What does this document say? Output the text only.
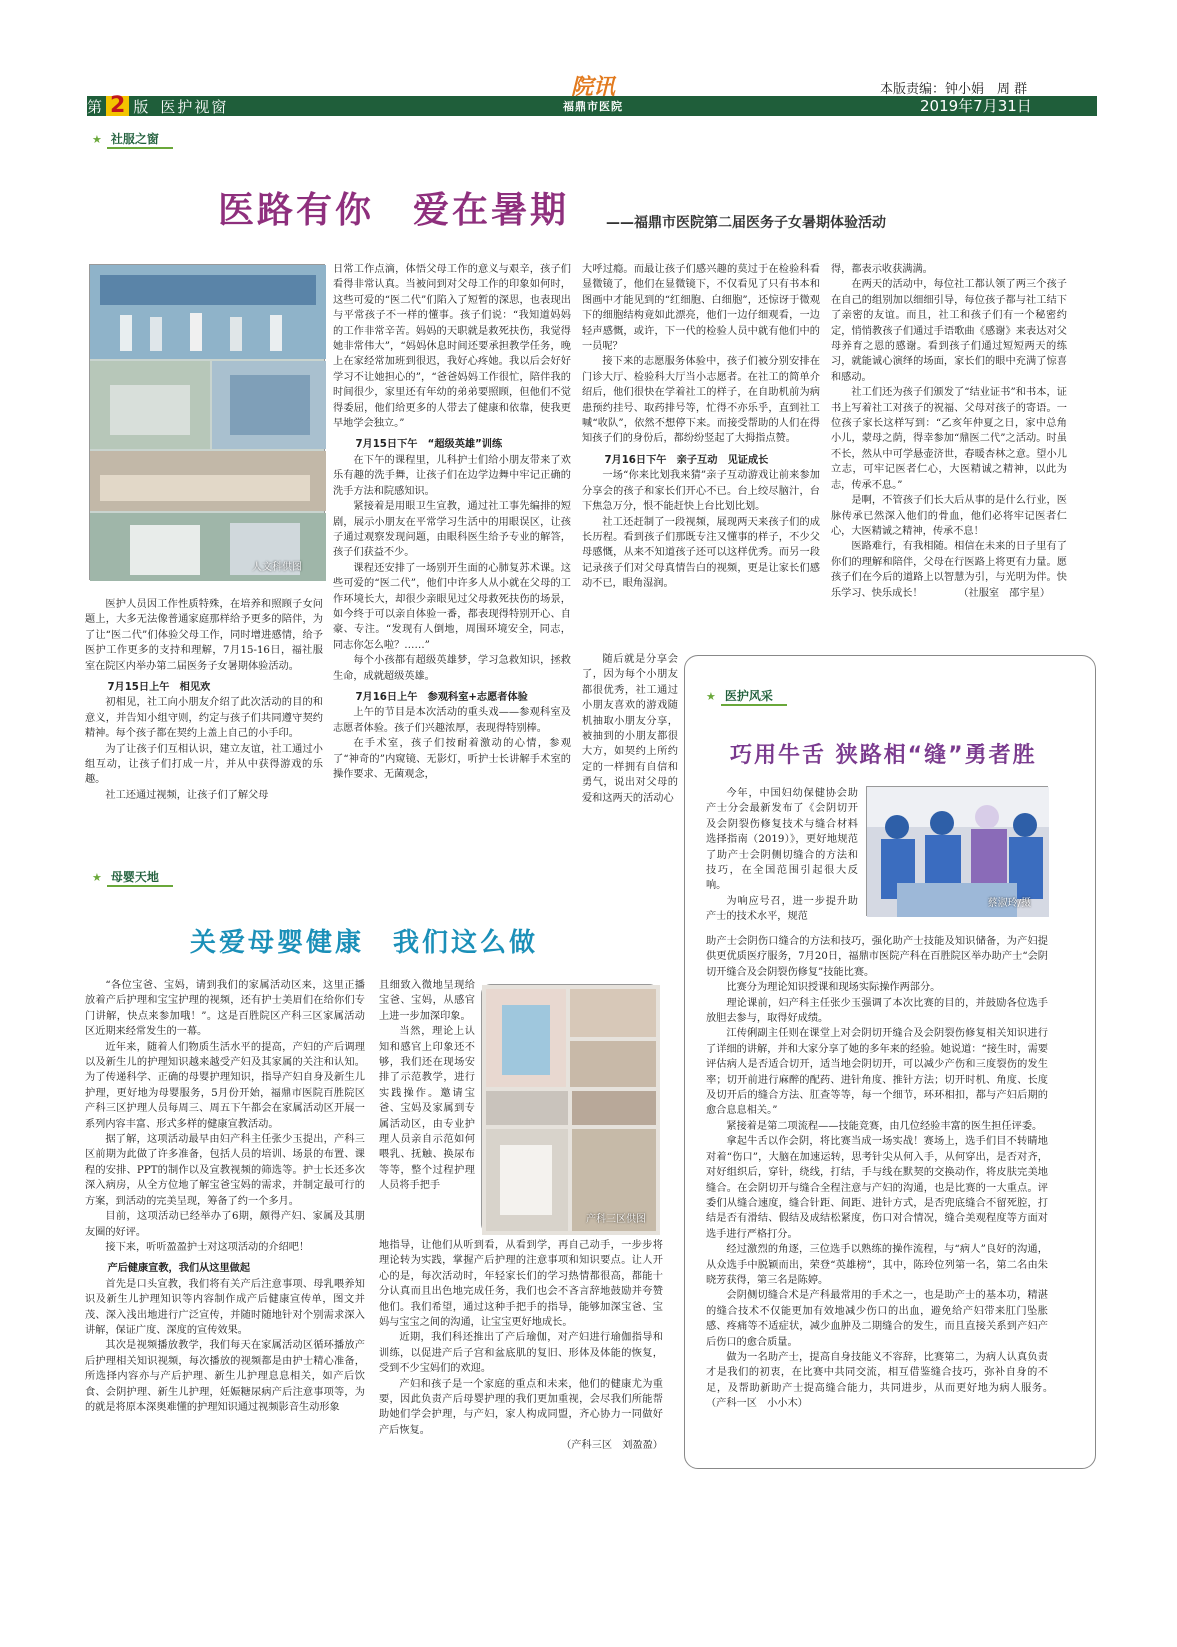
第 2 版 医护视窗
院讯
福鼎市医院
本版责编：钟小娟　周 群
2019年7月31日
★ 社服之窗
医路有你　爱在暑期	——福鼎市医院第二届医务子女暑期体验活动
人文科供图

医护人员因工作性质特殊，在培养和照顾子女问题上，大多无法像普通家庭那样给予更多的陪伴，为了让“医二代”们体验父母工作，同时增进感情，给予医护工作更多的支持和理解，7月15-16日，福社服室在院区内举办第二届医务子女暑期体验活动。

7月15日上午　相见欢

初相见，社工向小朋友介绍了此次活动的目的和意义，并告知小组守则，约定与孩子们共同遵守契约精神。每个孩子都在契约上盖上自己的小手印。

为了让孩子们互相认识，建立友谊，社工通过小组互动，让孩子们打成一片，并从中获得游戏的乐趣。

社工还通过视频，让孩子们了解父母

日常工作点滴，体悟父母工作的意义与艰辛，孩子们看得非常认真。当被问到对父母工作的印象如何时，这些可爱的“医二代”们陷入了短暂的深思，也表现出与平常孩子不一样的懂事。孩子们说：“我知道妈妈的工作非常辛苦。妈妈的天职就是救死扶伤，我觉得她非常伟大”，“妈妈休息时间还要承担教学任务，晚上在家经常加班到很迟，我好心疼她。我以后会好好学习不让她担心的”，“爸爸妈妈工作很忙，陪伴我的时间很少，家里还有年幼的弟弟要照顾，但他们不觉得委屈，他们给更多的人带去了健康和依靠，使我更早地学会独立。”

7月15日下午　“超级英雄”训练

在下午的课程里，儿科护士们给小朋友带来了欢乐有趣的洗手舞，让孩子们在边学边舞中牢记正确的洗手方法和院感知识。

紧接着是用眼卫生宣教，通过社工事先编排的短剧，展示小朋友在平常学习生活中的用眼误区，让孩子通过观察发现问题，由眼科医生给予专业的解答，孩子们获益不少。

课程还安排了一场别开生面的心肺复苏术课。这些可爱的“医二代”，他们中许多人从小就在父母的工作环境长大，却很少亲眼见过父母救死扶伤的场景，如今终于可以亲自体验一番，都表现得特别开心、自豪、专注。“发现有人倒地，周围环境安全，同志，同志你怎么啦？……”

每个小孩都有超级英雄梦，学习急救知识，拯救生命，成就超级英雄。

7月16日上午　参观科室+志愿者体验

上午的节目是本次活动的重头戏——参观科室及志愿者体验。孩子们兴趣浓厚，表现得特别棒。

在手术室，孩子们按耐着激动的心情，参观了“神奇的”内窥镜、无影灯，听护士长讲解手术室的操作要求、无菌观念，

大呼过瘾。而最让孩子们感兴趣的莫过于在检验科看显微镜了，他们在显微镜下，不仅看见了只有书本和图画中才能见到的“红细胞、白细胞”，还惊讶于微观下的细胞结构竟如此漂亮，他们一边仔细观看，一边轻声感慨，或许，下一代的检验人员中就有他们中的一员呢？

接下来的志愿服务体验中，孩子们被分别安排在门诊大厅、检验科大厅当小志愿者。在社工的简单介绍后，他们很快在学着社工的样子，在自助机前为病患预约挂号、取药排号等，忙得不亦乐乎，直到社工喊“收队”，依然不想停下来。而接受帮助的人们在得知孩子们的身份后，都纷纷竖起了大拇指点赞。

7月16日下午　亲子互动　见证成长

一场“你来比划我来猜”亲子互动游戏让前来参加分享会的孩子和家长们开心不已。台上绞尽脑汁，台下焦急万分，恨不能赶快上台比划比划。

社工还赶制了一段视频，展现两天来孩子们的成长历程。看到孩子们那既专注又懂事的样子，不少父母感慨，从来不知道孩子还可以这样优秀。而另一段记录孩子们对父母真情告白的视频，更是让家长们感动不已，眼角湿润。

随后就是分享会了，因为每个小朋友都很优秀，社工通过小朋友喜欢的游戏随机抽取小朋友分享，被抽到的小朋友都很大方，如契约上所约定的一样拥有自信和勇气，说出对父母的爱和这两天的活动心

得，都表示收获满满。

在两天的活动中，每位社工都认领了两三个孩子在自己的组别加以细细引导，每位孩子都与社工结下了亲密的友谊。而且，社工和孩子们有一个秘密约定，悄悄教孩子们通过手语歌曲《感谢》来表达对父母养育之恩的感谢。看到孩子们通过短短两天的练习，就能诚心演绎的场面，家长们的眼中充满了惊喜和感动。

社工们还为孩子们颁发了“结业证书”和书本，证书上写着社工对孩子的祝福、父母对孩子的寄语。一位孩子家长这样写到：“乙亥年仲夏之日，家中总角小儿，蒙母之荫，得幸参加“鼎医二代”之活动。时虽不长，然从中可学悬壶济世，春暖杏林之意。望小儿立志，可牢记医者仁心，大医精诚之精神，以此为志，传承不息。”

是啊，不管孩子们长大后从事的是什么行业，医脉传承已然深入他们的骨血，他们必将牢记医者仁心，大医精诚之精神，传承不息！

医路难行，有我相随。相信在未来的日子里有了你们的理解和陪伴，父母在行医路上将更有力量。愿孩子们在今后的道路上以智慧为引，与光明为伴。快乐学习、快乐成长！　　　　（社服室　邵宇星）

★ 医护风采
巧用牛舌 狭路相“缝”勇者胜
蔡淑玲/摄

今年，中国妇幼保健协会助产士分会最新发布了《会阴切开及会阴裂伤修复技术与缝合材料选择指南（2019）》，更好地规范了助产士会阴侧切缝合的方法和技巧，在全国范围引起很大反响。

为响应号召，进一步提升助产士的技术水平，规范

助产士会阴伤口缝合的方法和技巧，强化助产士技能及知识储备，为产妇提供更优质医疗服务，7月20日，福鼎市医院产科在百胜院区举办助产士“会阴切开缝合及会阴裂伤修复”技能比赛。

比赛分为理论知识授课和现场实际操作两部分。

理论课前，妇产科主任张少玉强调了本次比赛的目的，并鼓励各位选手放胆去参与，取得好成绩。

江传俐副主任则在课堂上对会阴切开缝合及会阴裂伤修复相关知识进行了详细的讲解，并和大家分享了她的多年来的经验。她说道：“接生时，需要评估病人是否适合切开，适当地会阴切开，可以减少产伤和三度裂伤的发生率；切开前进行麻醉的配药、进针角度、推针方法；切开时机、角度、长度及切开后的缝合方法、肛查等等，每一个细节，环环相扣，都与产妇后期的愈合息息相关。”

紧接着是第二项流程——技能竞赛，由几位经验丰富的医生担任评委。

拿起牛舌以作会阴，将比赛当成一场实战！赛场上，选手们目不转睛地对着“伤口”，大脑在加速运转，思考针尖从何入手，从何穿出，是否对齐，对好组织后，穿针，绕线，打结，手与线在默契的交换动作，将皮肤完美地缝合。在会阴切开与缝合全程注意与产妇的沟通，也是比赛的一大重点。评委们从缝合速度，缝合针距、间距、进针方式，是否兜底缝合不留死腔，打结是否有滑结、假结及成结松紧度，伤口对合情况，缝合美观程度等方面对选手进行严格打分。

经过激烈的角逐，三位选手以熟练的操作流程，与“病人”良好的沟通，从众选手中脱颖而出，荣登“英雄榜”，其中，陈玲位列第一名，第二名由朱晓芳获得，第三名是陈婷。

会阴侧切缝合术是产科最常用的手术之一，也是助产士的基本功，精湛的缝合技术不仅能更加有效地减少伤口的出血，避免给产妇带来肛门坠胀感、疼痛等不适症状，减少血肿及二期缝合的发生，而且直接关系到产妇产后伤口的愈合质量。

做为一名助产士，提高自身技能义不容辞，比赛第二，为病人认真负责才是我们的初衷，在比赛中共同交流，相互借鉴缝合技巧，弥补自身的不足，及帮助新助产士提高缝合能力，共同进步，从而更好地为病人服务。　　（产科一区　小小木）

★ 母婴天地
关爱母婴健康　我们这么做

“各位宝爸、宝妈，请到我们的家属活动区来，这里正播放着产后护理和宝宝护理的视频，还有护士美眉们在给你们专门讲解，快点来参加哦！”。这是百胜院区产科三区家属活动区近期来经常发生的一幕。

近年来，随着人们物质生活水平的提高，产妇的产后调理以及新生儿的护理知识越来越受产妇及其家属的关注和认知。为了传递科学、正确的母婴护理知识，指导产妇自身及新生儿护理，更好地为母婴服务，5月份开始，福鼎市医院百胜院区产科三区护理人员每周三、周五下午都会在家属活动区开展一系列内容丰富、形式多样的健康宣教活动。

据了解，这项活动最早由妇产科主任张少玉提出，产科三区前期为此做了许多准备，包括人员的培训、场景的布置、课程的安排、PPT的制作以及宣教视频的筛选等。护士长还多次深入病房，从全方位地了解宝爸宝妈的需求，并制定最可行的方案，到活动的完美呈现，筹备了约一个多月。

目前，这项活动已经举办了6期，颇得产妇、家属及其朋友圈的好评。

接下来，听听盈盈护士对这项活动的介绍吧！

产后健康宣教，我们从这里做起

首先是口头宣教，我们将有关产后注意事项、母乳喂养知识及新生儿护理知识等内容制作成产后健康宣传单，图文并茂、深入浅出地进行广泛宣传，并随时随地针对个别需求深入讲解，保证广度、深度的宣传效果。

其次是视频播放教学，我们每天在家属活动区循环播放产后护理相关知识视频，每次播放的视频都是由护士精心准备，所选择内容亦与产后护理、新生儿护理息息相关，如产后饮食、会阴护理、新生儿护理，妊娠糖尿病产后注意事项等，为的就是将原本深奥难懂的护理知识通过视频影音生动形象

且细致入微地呈现给宝爸、宝妈，从感官上进一步加深印象。

当然，理论上认知和感官上印象还不够，我们还在现场安排了示范教学，进行实践操作。邀请宝爸、宝妈及家属到专属活动区，由专业护理人员亲自示范如何喂乳、抚触、换尿布等等，整个过程护理人员将手把手

产科三区供图

地指导，让他们从听到看，从看到学，再自己动手，一步步将理论转为实践，掌握产后护理的注意事项和知识要点。让人开心的是，每次活动时，年轻家长们的学习热情都很高，都能十分认真而且出色地完成任务，我们也会不吝言辞地鼓励并夸赞他们。我们希望，通过这种手把手的指导，能够加深宝爸、宝妈与宝宝之间的沟通，让宝宝更好地成长。

近期，我们科还推出了产后瑜伽，对产妇进行瑜伽指导和训练，以促进产后子宫和盆底肌的复旧、形体及体能的恢复，受到不少宝妈们的欢迎。

产妇和孩子是一个家庭的重点和未来，他们的健康尤为重要，因此负责产后母婴护理的我们更加重视，会尽我们所能帮助她们学会护理，与产妇，家人构成同盟，齐心协力一同做好产后恢复。

（产科三区　刘盈盈）
